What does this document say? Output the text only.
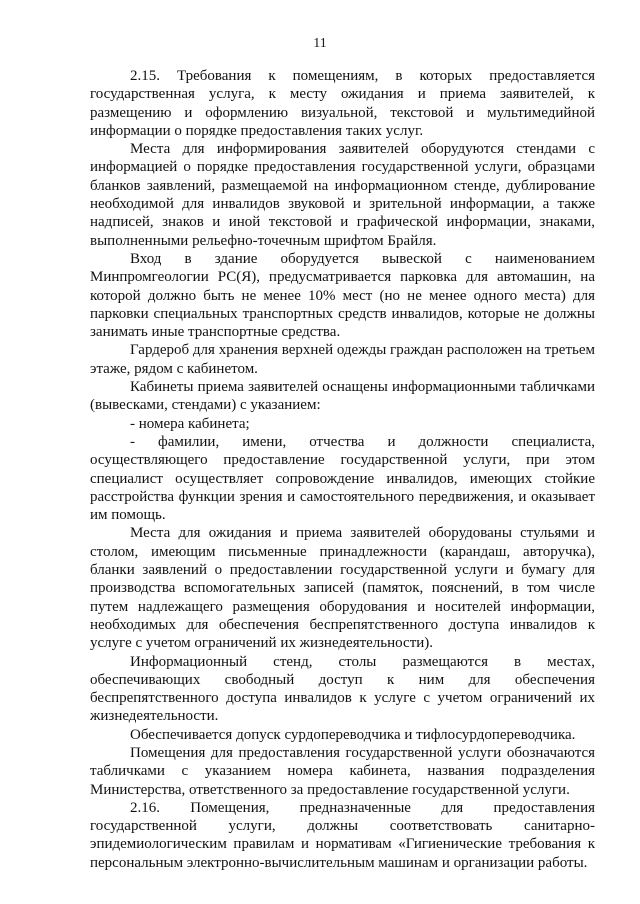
11

2.15. Требования к помещениям, в которых предоставляется государственная услуга, к месту ожидания и приема заявителей, к размещению и оформлению визуальной, текстовой и мультимедийной информации о порядке предоставления таких услуг.

Места для информирования заявителей оборудуются стендами с информацией о порядке предоставления государственной услуги, образцами бланков заявлений, размещаемой на информационном стенде, дублирование необходимой для инвалидов звуковой и зрительной информации, а также надписей, знаков и иной текстовой и графической информации, знаками, выполненными рельефно-точечным шрифтом Брайля.

Вход в здание оборудуется вывеской с наименованием Минпромгеологии РС(Я), предусматривается парковка для автомашин, на которой должно быть не менее 10% мест (но не менее одного места) для парковки специальных транспортных средств инвалидов, которые не должны занимать иные транспортные средства.

Гардероб для хранения верхней одежды граждан расположен на третьем этаже, рядом с кабинетом.

Кабинеты приема заявителей оснащены информационными табличками (вывесками, стендами) с указанием:

- номера кабинета;

- фамилии, имени, отчества и должности специалиста, осуществляющего предоставление государственной услуги, при этом специалист осуществляет сопровождение инвалидов, имеющих стойкие расстройства функции зрения и самостоятельного передвижения, и оказывает им помощь.

Места для ожидания и приема заявителей оборудованы стульями и столом, имеющим письменные принадлежности (карандаш, авторучка), бланки заявлений о предоставлении государственной услуги и бумагу для производства вспомогательных записей (памяток, пояснений, в том числе путем надлежащего размещения оборудования и носителей информации, необходимых для обеспечения беспрепятственного доступа инвалидов к услуге с учетом ограничений их жизнедеятельности).

Информационный стенд, столы размещаются в местах, обеспечивающих свободный доступ к ним для обеспечения беспрепятственного доступа инвалидов к услуге с учетом ограничений их жизнедеятельности.

Обеспечивается допуск сурдопереводчика и тифлосурдопереводчика.

Помещения для предоставления государственной услуги обозначаются табличками с указанием номера кабинета, названия подразделения Министерства, ответственного за предоставление государственной услуги.

2.16. Помещения, предназначенные для предоставления государственной услуги, должны соответствовать санитарно-эпидемиологическим правилам и нормативам «Гигиенические требования к персональным электронно-вычислительным машинам и организации работы.
